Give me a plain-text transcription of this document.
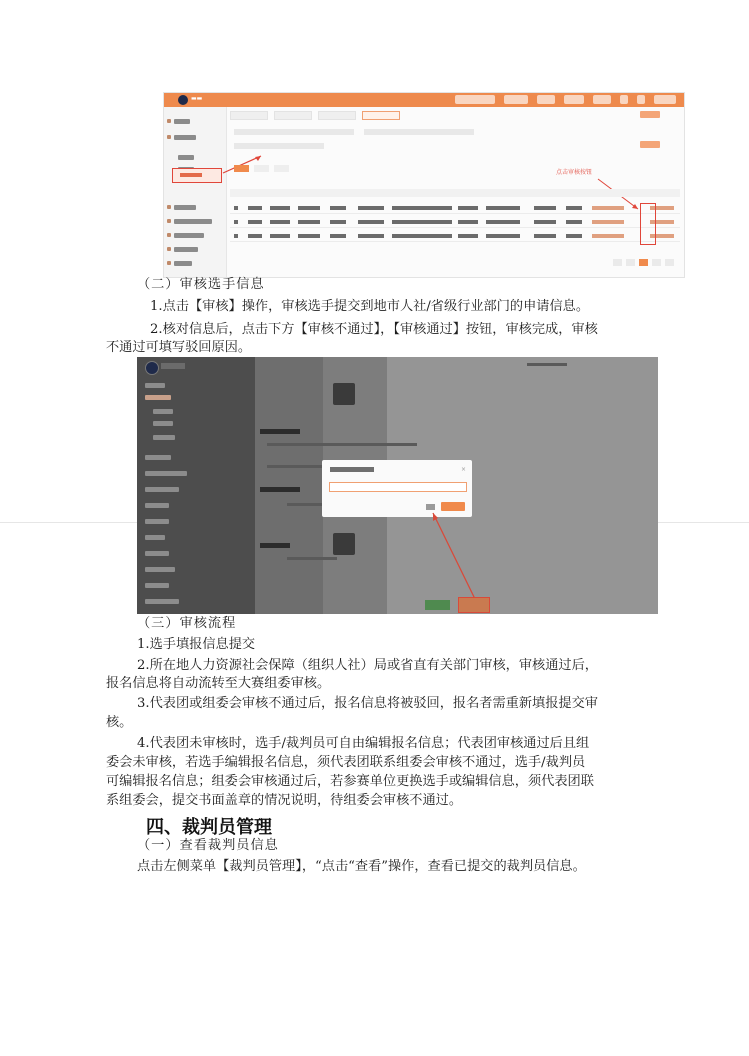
▬▬
点击审核按钮
（二）审核选手信息
1.点击【审核】操作，审核选手提交到地市人社/省级行业部门的申请信息。
2.核对信息后，点击下方【审核不通过】，【审核通过】按钮，审核完成，审核
不通过可填写驳回原因。
×
（三）审核流程
1.选手填报信息提交
2.所在地人力资源社会保障（组织人社）局或省直有关部门审核，审核通过后，
报名信息将自动流转至大赛组委审核。
3.代表团或组委会审核不通过后，报名信息将被驳回，报名者需重新填报提交审
核。
4.代表团未审核时，选手/裁判员可自由编辑报名信息；代表团审核通过后且组
委会未审核，若选手编辑报名信息，须代表团联系组委会审核不通过，选手/裁判员
可编辑报名信息；组委会审核通过后，若参赛单位更换选手或编辑信息，须代表团联
系组委会，提交书面盖章的情况说明，待组委会审核不通过。
四、裁判员管理
（一）查看裁判员信息
点击左侧菜单【裁判员管理】，“点击“查看”操作，查看已提交的裁判员信息。
